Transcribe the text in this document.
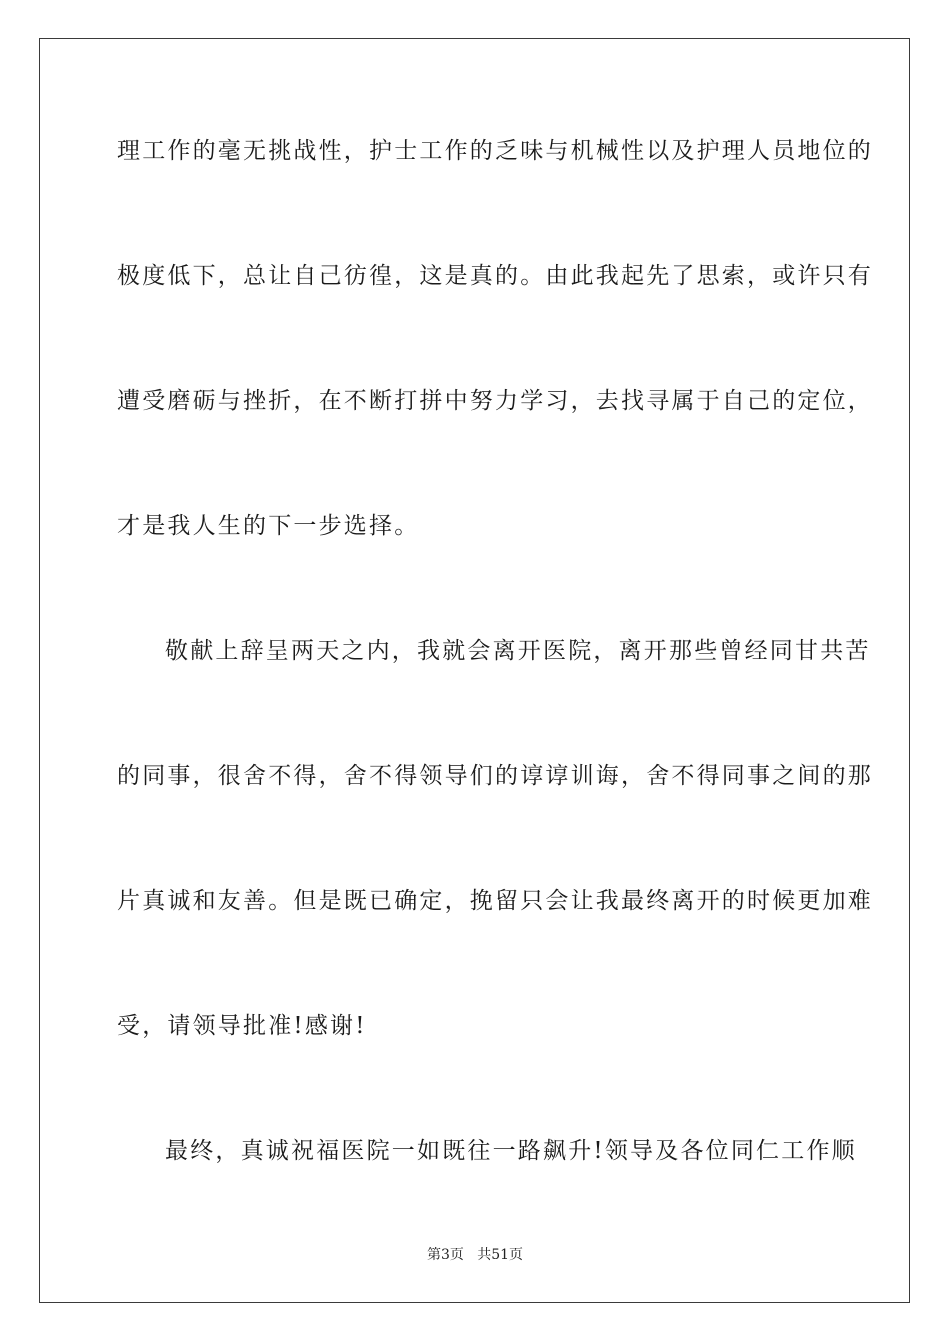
理工作的毫无挑战性，护士工作的乏味与机械性以及护理人员地位的
极度低下，总让自己彷徨，这是真的。由此我起先了思索，或许只有
遭受磨砺与挫折，在不断打拼中努力学习，去找寻属于自己的定位，
才是我人生的下一步选择。
敬献上辞呈两天之内，我就会离开医院，离开那些曾经同甘共苦
的同事，很舍不得，舍不得领导们的谆谆训诲，舍不得同事之间的那
片真诚和友善。但是既已确定，挽留只会让我最终离开的时候更加难
受，请领导批准!感谢!
最终，真诚祝福医院一如既往一路飙升!领导及各位同仁工作顺
第3页   共51页
